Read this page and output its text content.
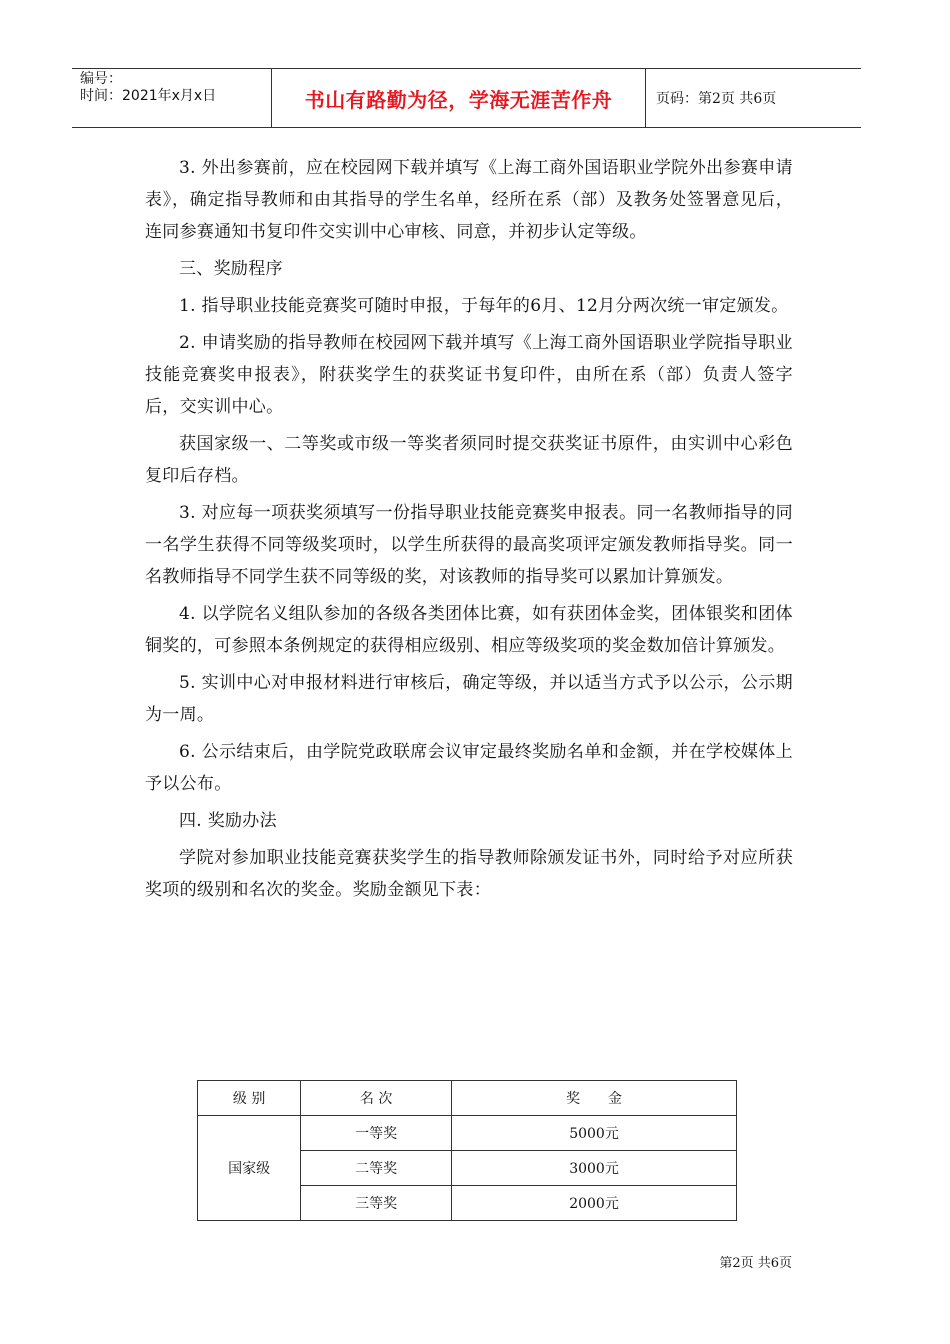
编号：
时间：2021年x月x日	书山有路勤为径，学海无涯苦作舟	页码：第2页 共6页

3. 外出参赛前，应在校园网下载并填写《上海工商外国语职业学院外出参赛申请表》，确定指导教师和由其指导的学生名单，经所在系（部）及教务处签署意见后，连同参赛通知书复印件交实训中心审核、同意，并初步认定等级。

三、奖励程序

1. 指导职业技能竞赛奖可随时申报，于每年的6月、12月分两次统一审定颁发。

2. 申请奖励的指导教师在校园网下载并填写《上海工商外国语职业学院指导职业技能竞赛奖申报表》，附获奖学生的获奖证书复印件，由所在系（部）负责人签字后，交实训中心。

获国家级一、二等奖或市级一等奖者须同时提交获奖证书原件，由实训中心彩色复印后存档。

3. 对应每一项获奖须填写一份指导职业技能竞赛奖申报表。同一名教师指导的同一名学生获得不同等级奖项时，以学生所获得的最高奖项评定颁发教师指导奖。同一名教师指导不同学生获不同等级的奖，对该教师的指导奖可以累加计算颁发。

4. 以学院名义组队参加的各级各类团体比赛，如有获团体金奖，团体银奖和团体铜奖的，可参照本条例规定的获得相应级别、相应等级奖项的奖金数加倍计算颁发。

5. 实训中心对申报材料进行审核后，确定等级，并以适当方式予以公示，公示期为一周。

6. 公示结束后，由学院党政联席会议审定最终奖励名单和金额，并在学校媒体上予以公布。

四. 奖励办法

学院对参加职业技能竞赛获奖学生的指导教师除颁发证书外，同时给予对应所获奖项的级别和名次的奖金。奖励金额见下表：

级 别	名 次	奖　　金
国家级	一等奖	5000元
	二等奖	3000元
	三等奖	2000元
第2页 共6页
